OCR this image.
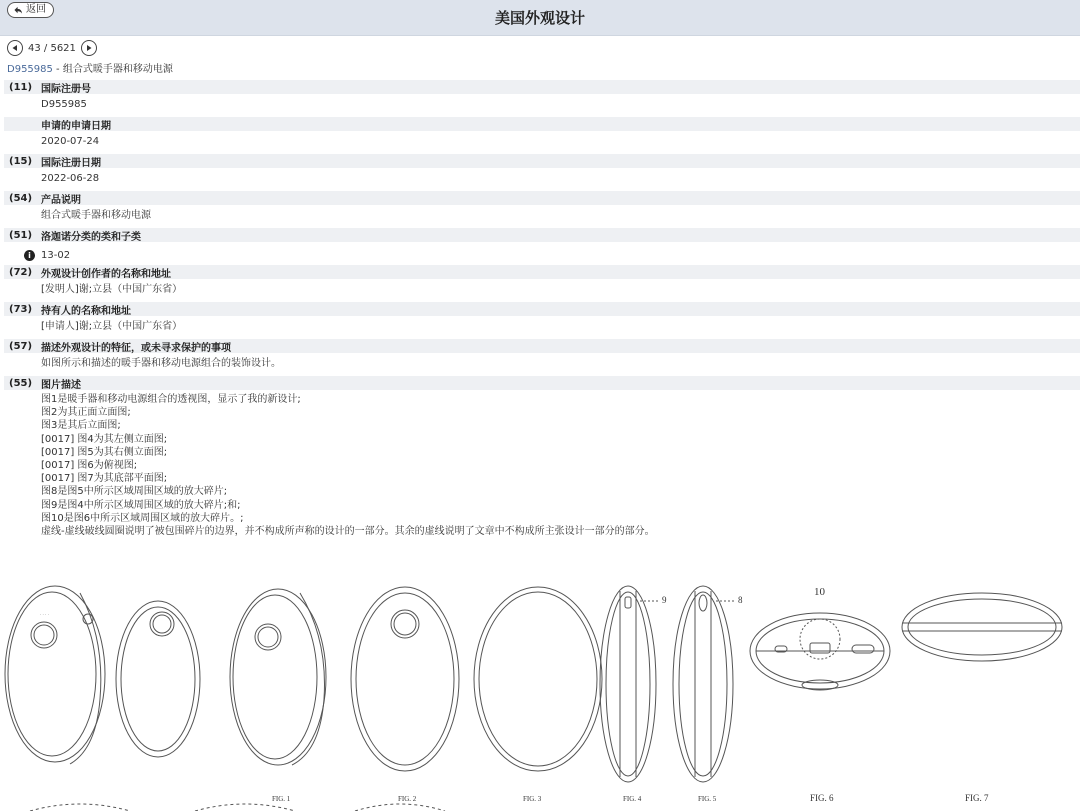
返回	美国外观设计
43 / 5621
D955985 - 组合式暖手器和移动电源
(11) 国际注册号
D955985
申请的申请日期
2020-07-24
(15) 国际注册日期
2022-06-28
(54) 产品说明
组合式暖手器和移动电源
(51) 洛迦诺分类的类和子类
i	13-02
(72) 外观设计创作者的名称和地址
[发明人]谢;立县（中国广东省）
(73) 持有人的名称和地址
[申请人]谢;立县（中国广东省）
(57) 描述外观设计的特征，或未寻求保护的事项
如图所示和描述的暖手器和移动电源组合的装饰设计。
(55) 图片描述
图1是暖手器和移动电源组合的透视图，显示了我的新设计;
图2为其正面立面图;
图3是其后立面图;
[0017] 图4为其左侧立面图;
[0017] 图5为其右侧立面图;
[0017] 图6为俯视图;
[0017] 图7为其底部平面图;
图8是图5中所示区域周围区域的放大碎片;
图9是图4中所示区域周围区域的放大碎片;和;
图10是图6中所示区域周围区域的放大碎片。;
虚线-虚线破线圆圈说明了被包围碎片的边界，并不构成所声称的设计的一部分。其余的虚线说明了文章中不构成所主张设计一部分的部分。
· · · ·
FIG. 1	FIG. 2	FIG. 3	FIG. 4	FIG. 5	FIG. 6	FIG. 7
9	8
10
